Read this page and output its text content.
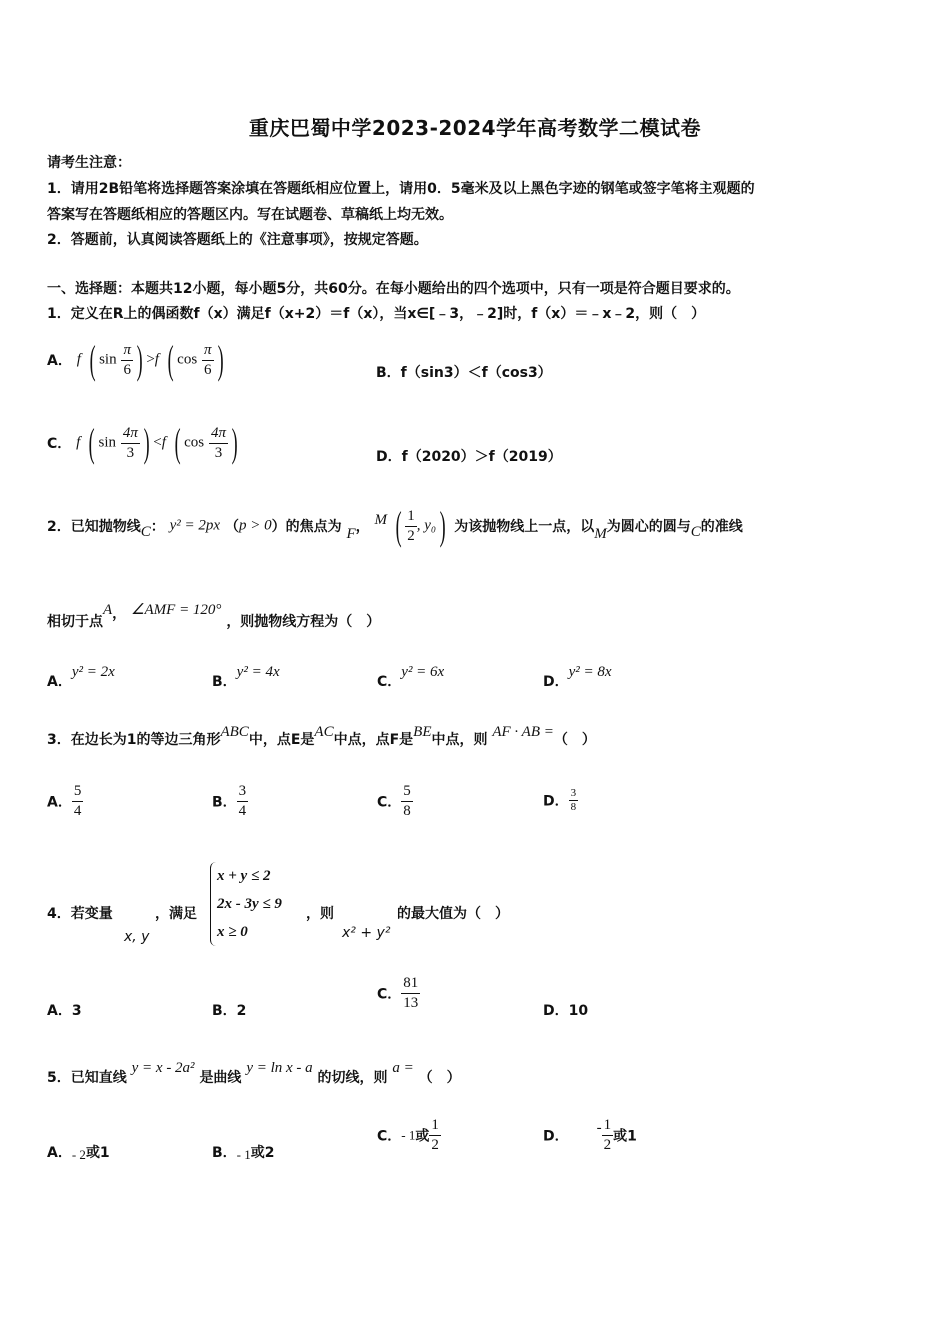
重庆巴蜀中学2023-2024学年高考数学二模试卷
请考生注意：
1．请用2B铅笔将选择题答案涂填在答题纸相应位置上，请用0．5毫米及以上黑色字迹的钢笔或签字笔将主观题的
答案写在答题纸相应的答题区内。写在试题卷、草稿纸上均无效。
2．答题前，认真阅读答题纸上的《注意事项》，按规定答题。
一、选择题：本题共12小题，每小题5分，共60分。在每小题给出的四个选项中，只有一项是符合题目要求的。
1．定义在R上的偶函数f（x）满足f（x+2）＝f（x），当x∈[﹣3，﹣2]时，f（x）＝﹣x﹣2，则（　）
A． f ( $\sin \frac{\pi}{6}$ ) >f ( $\cos \frac{\pi}{6}$ )	B．f（sin3）＜f（cos3）
C． f ( $\sin \frac{4\pi}{3}$ ) <f ( $\cos \frac{4\pi}{3}$ )	D．f（2020）＞f（2019）
2．已知抛物线C： y² = 2px （p > 0）的焦点为 F， M ( $\frac{1}{2}$ , y₀) 为该抛物线上一点，以M为圆心的圆与C的准线
相切于点A， ∠AMF = 120° ，则抛物线方程为（　）
A．y² = 2x
B．y² = 4x
C．y² = 6x
D．y² = 8x
3．在边长为1的等边三角形ABC中，点E是AC中点，点F是BE中点，则 AF · AB =（　）
A． $\frac{5}{4}$	B． $\frac{3}{4}$	C． $\frac{5}{8}$	D． $\frac{3}{8}$
4．若变量
x, y
，满足
x + y ≤ 2
2x - 3y ≤ 9
x ≥ 0
，则
x² + y²
的最大值为（　）
A．3	B．2
C． $\frac{81}{13}$	D．10
5．已知直线 y = x - 2a² 是曲线 y = ln x - a 的切线，则 a = （　）
A．- 2或1	B．- 1或2
C．- 1或 $\frac{1}{2}$	D．- $\frac{1}{2}$ 或1
